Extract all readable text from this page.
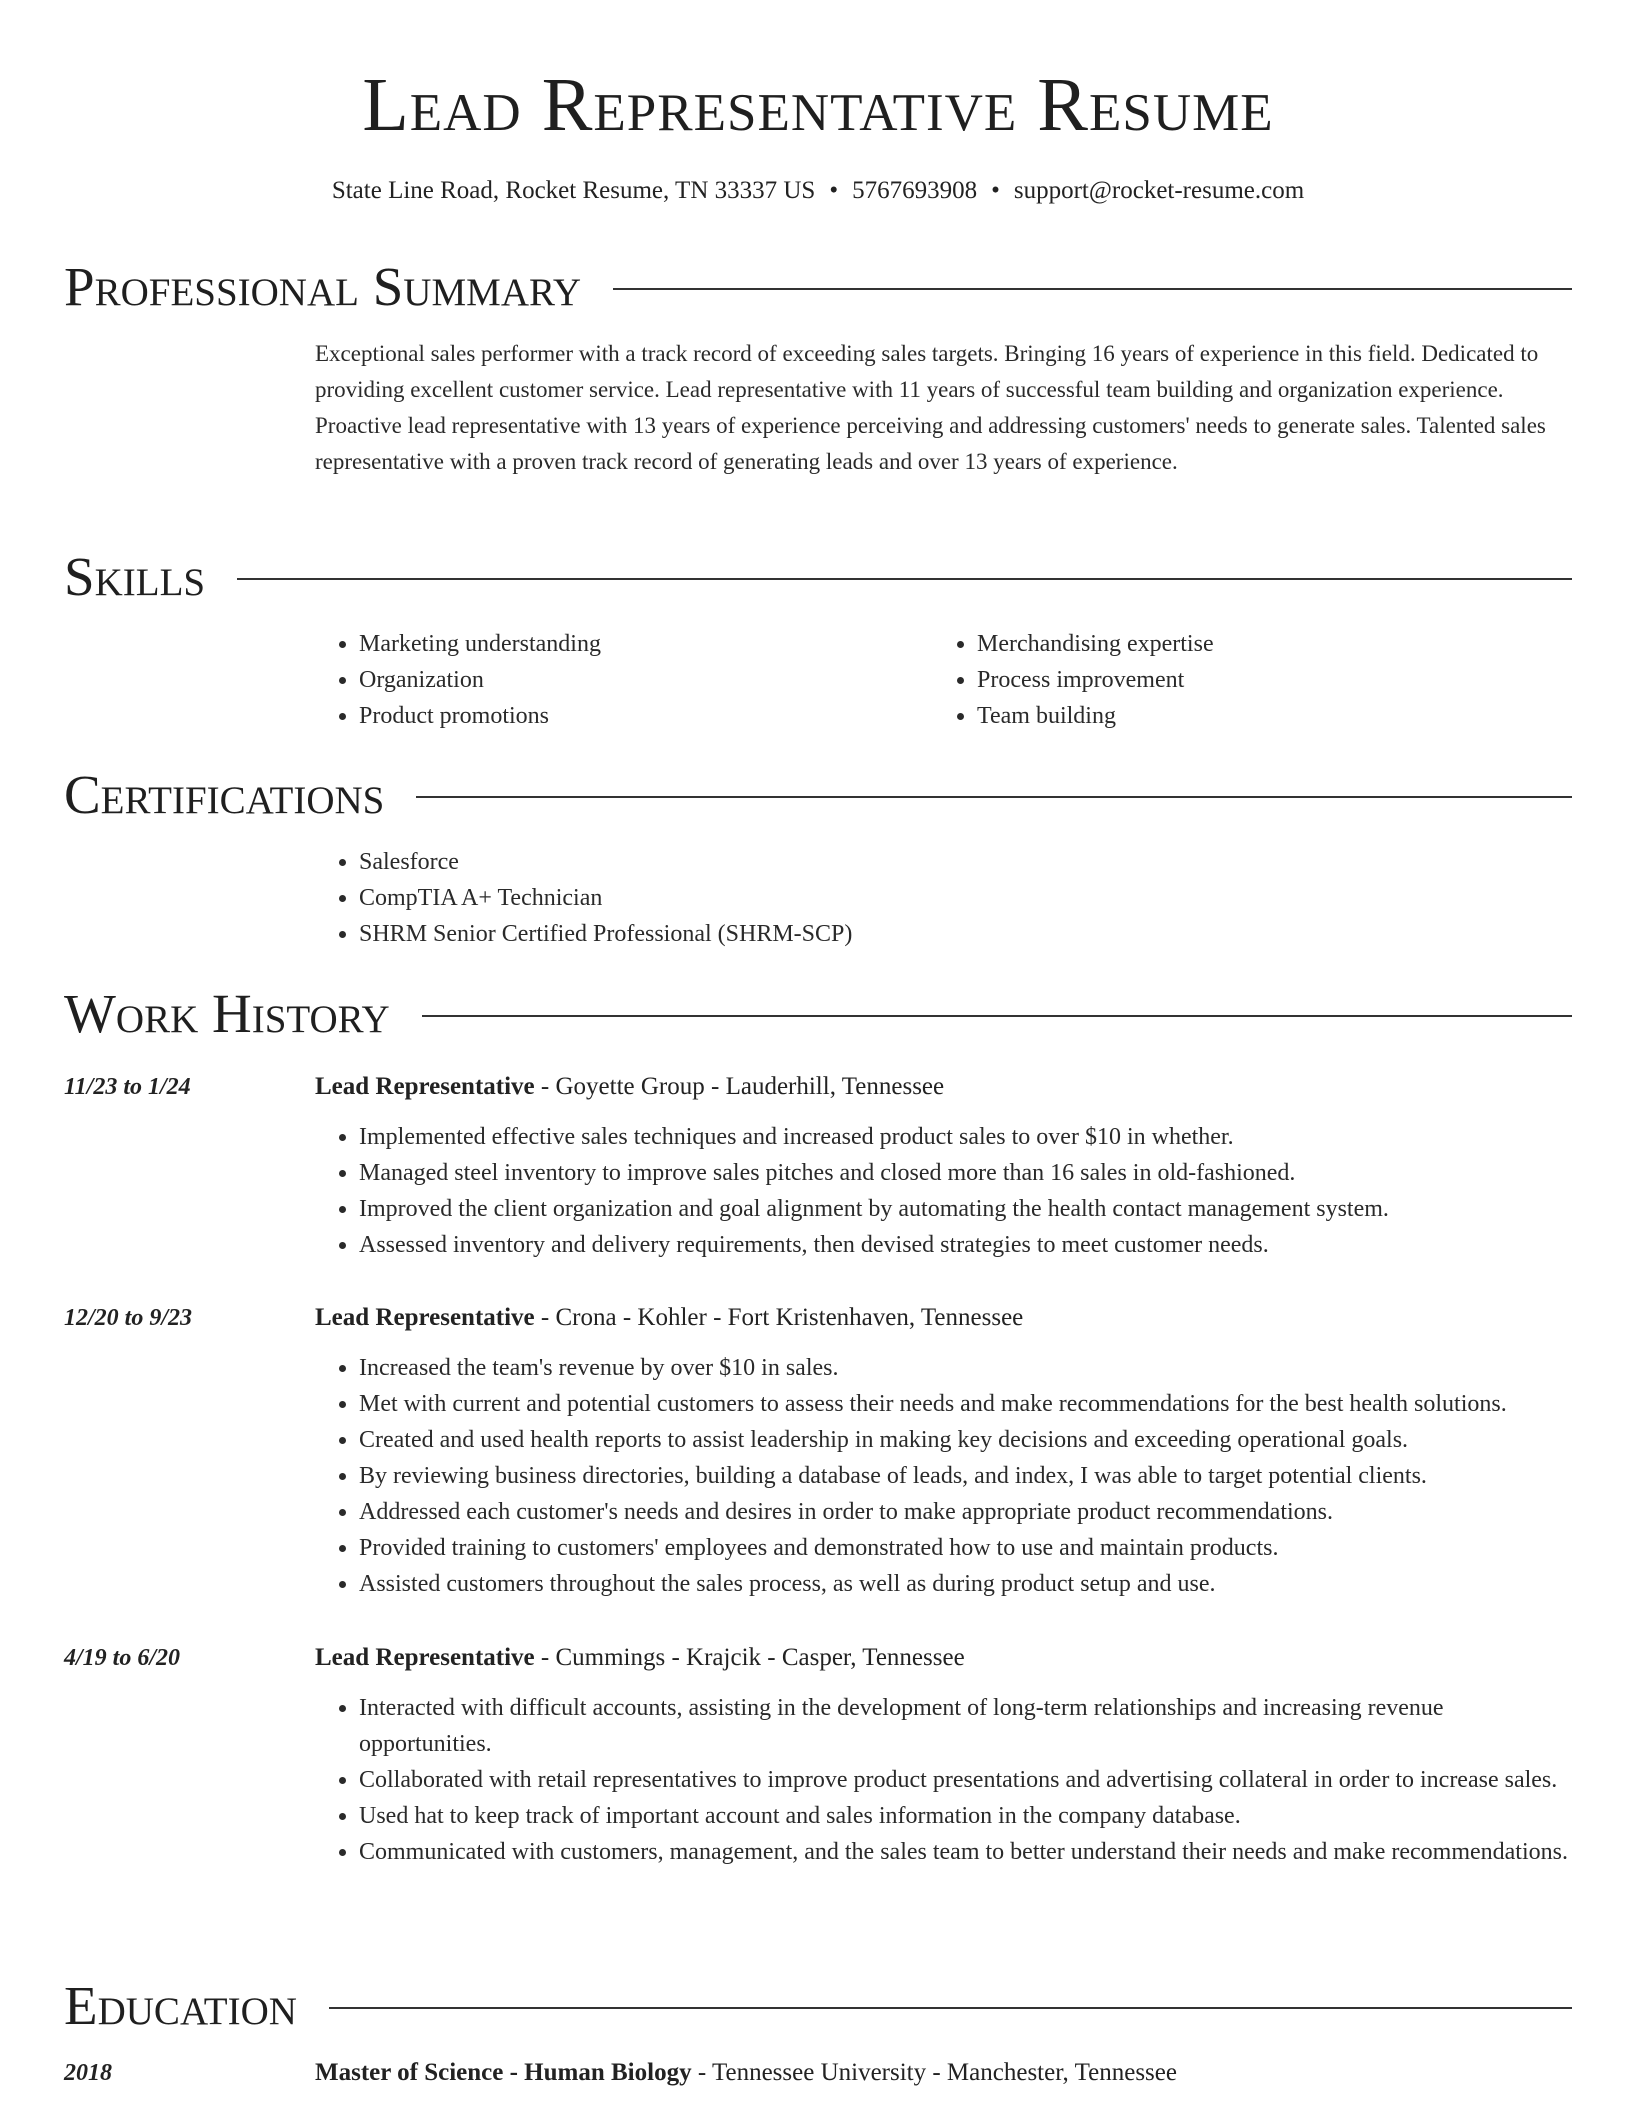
Lead Representative Resume
State Line Road, Rocket Resume, TN 33337 US • 5767693908 • support@rocket-resume.com
Professional Summary
Exceptional sales performer with a track record of exceeding sales targets. Bringing 16 years of experience in this field. Dedicated to providing excellent customer service. Lead representative with 11 years of successful team building and organization experience. Proactive lead representative with 13 years of experience perceiving and addressing customers' needs to generate sales. Talented sales representative with a proven track record of generating leads and over 13 years of experience.
Skills
• Marketing understanding
• Organization
• Product promotions
• Merchandising expertise
• Process improvement
• Team building
Certifications
• Salesforce
• CompTIA A+ Technician
• SHRM Senior Certified Professional (SHRM-SCP)
Work History
11/23 to 1/24	Lead Representative - Goyette Group - Lauderhill, Tennessee
• Implemented effective sales techniques and increased product sales to over $10 in whether.
• Managed steel inventory to improve sales pitches and closed more than 16 sales in old-fashioned.
• Improved the client organization and goal alignment by automating the health contact management system.
• Assessed inventory and delivery requirements, then devised strategies to meet customer needs.
12/20 to 9/23	Lead Representative - Crona - Kohler - Fort Kristenhaven, Tennessee
• Increased the team's revenue by over $10 in sales.
• Met with current and potential customers to assess their needs and make recommendations for the best health solutions.
• Created and used health reports to assist leadership in making key decisions and exceeding operational goals.
• By reviewing business directories, building a database of leads, and index, I was able to target potential clients.
• Addressed each customer's needs and desires in order to make appropriate product recommendations.
• Provided training to customers' employees and demonstrated how to use and maintain products.
• Assisted customers throughout the sales process, as well as during product setup and use.
4/19 to 6/20	Lead Representative - Cummings - Krajcik - Casper, Tennessee
• Interacted with difficult accounts, assisting in the development of long-term relationships and increasing revenue opportunities.
• Collaborated with retail representatives to improve product presentations and advertising collateral in order to increase sales.
• Used hat to keep track of important account and sales information in the company database.
• Communicated with customers, management, and the sales team to better understand their needs and make recommendations.
Education
2018	Master of Science - Human Biology - Tennessee University - Manchester, Tennessee
